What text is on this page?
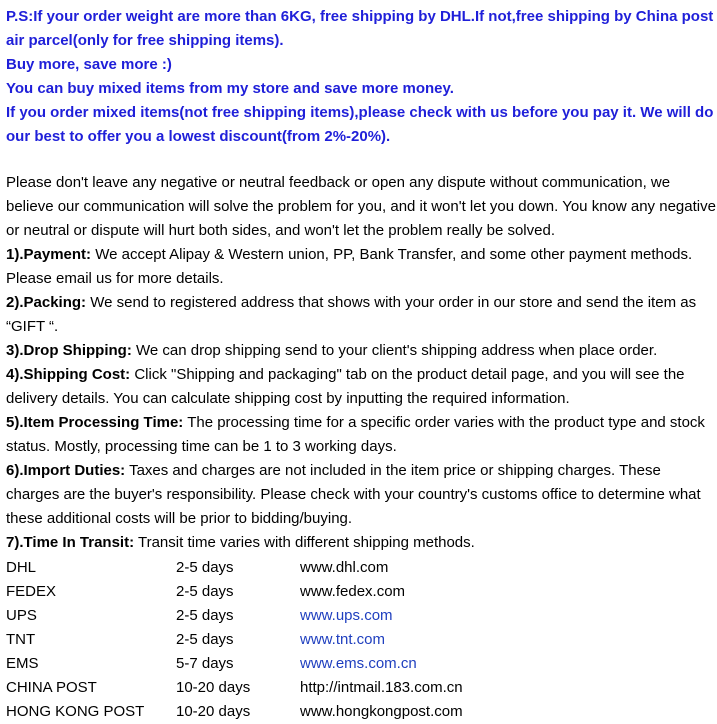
P.S:If your order weight are more than 6KG, free shipping by DHL.If not,free shipping by China post air parcel(only for free shipping items).

Buy more, save more :)

You can buy mixed items from my store and save more money.

If you order mixed items(not free shipping items),please check with us before you pay it. We will do our best to offer you a lowest discount(from 2%-20%).

Please don't leave any negative or neutral feedback or open any dispute without communication, we believe our communication will solve the problem for you, and it won't let you down. You know any negative or neutral or dispute will hurt both sides, and won't let the problem really be solved.

1).Payment: We accept Alipay & Western union, PP, Bank Transfer, and some other payment methods. Please email us for more details.

2).Packing: We send to registered address that shows with your order in our store and send the item as “GIFT “.

3).Drop Shipping: We can drop shipping send to your client's shipping address when place order.

4).Shipping Cost: Click "Shipping and packaging" tab on the product detail page, and you will see the delivery details. You can calculate shipping cost by inputting the required information.

5).Item Processing Time: The processing time for a specific order varies with the product type and stock status. Mostly, processing time can be 1 to 3 working days.

6).Import Duties: Taxes and charges are not included in the item price or shipping charges. These charges are the buyer's responsibility. Please check with your country's customs office to determine what these additional costs will be prior to bidding/buying.

7).Time In Transit: Transit time varies with different shipping methods.

DHL	2-5 days	www.dhl.com
FEDEX	2-5 days	www.fedex.com
UPS	2-5 days	www.ups.com
TNT	2-5 days	www.tnt.com
EMS	5-7 days	www.ems.com.cn
CHINA POST	10-20 days	http://intmail.183.com.cn
HONG KONG POST 10-20 days	www.hongkongpost.com
